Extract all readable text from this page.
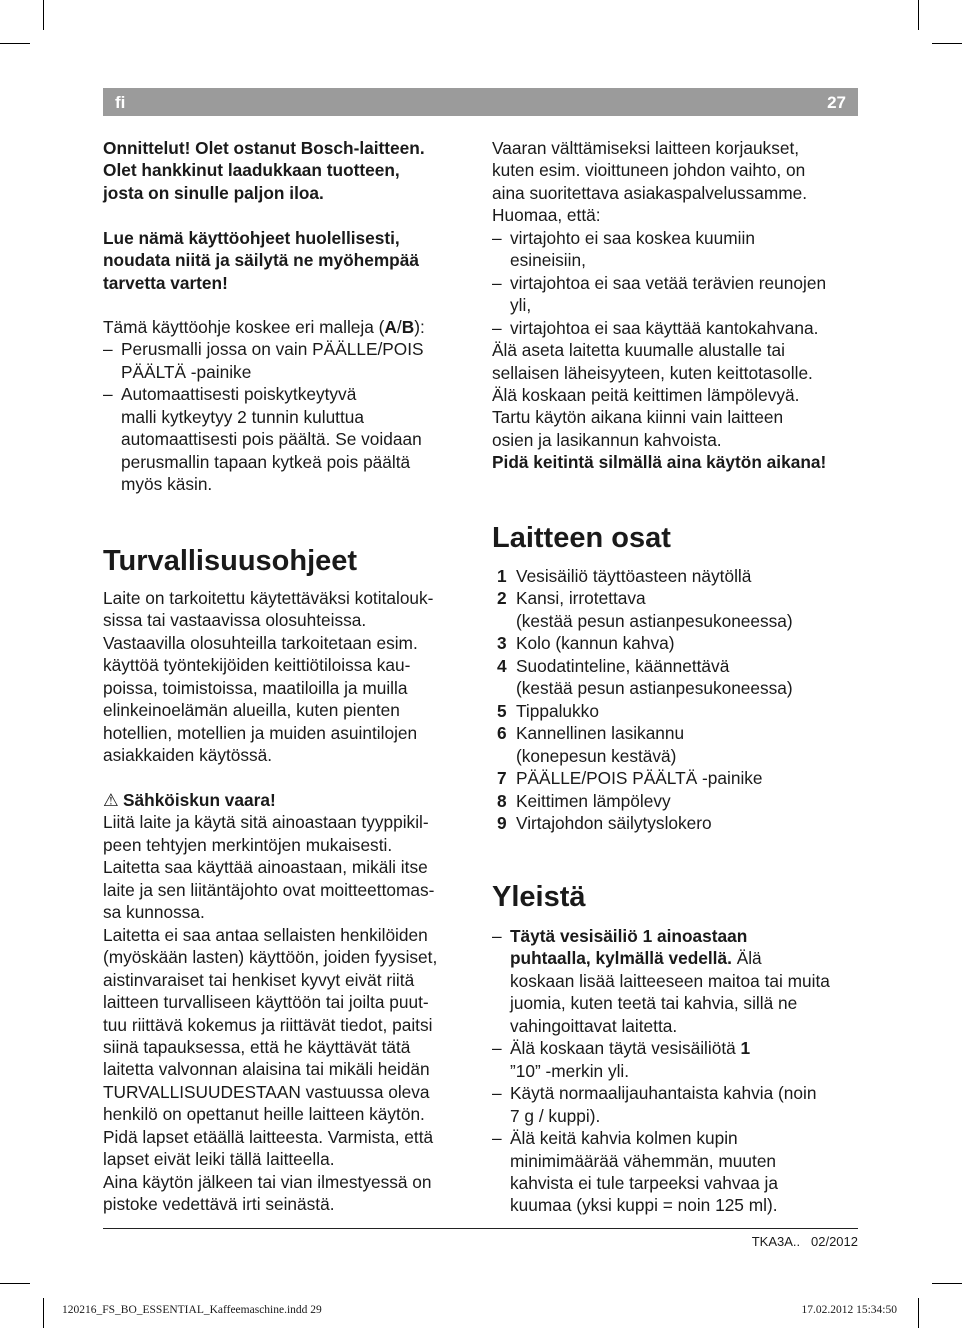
fi	27
Onnittelut! Olet ostanut Bosch-laitteen.
Olet hankkinut laadukkaan tuotteen,
josta on sinulle paljon iloa.
Lue nämä käyttöohjeet huolellisesti,
noudata niitä ja säilytä ne myöhempää
tarvetta varten!
Tämä käyttöohje koskee eri malleja (A/B):
– Perusmalli jossa on vain PÄÄLLE/POIS
PÄÄLTÄ -painike
– Automaattisesti poiskytkeytyvä
malli kytkeytyy 2 tunnin kuluttua
automaattisesti pois päältä. Se voidaan
perusmallin tapaan kytkeä pois päältä
myös käsin.
Turvallisuusohjeet
Laite on tarkoitettu käytettäväksi kotitalouk-
sissa tai vastaavissa olosuhteissa.
Vastaavilla olosuhteilla tarkoitetaan esim.
käyttöä työntekijöiden keittiötiloissa kau-
poissa, toimistoissa, maatiloilla ja muilla
elinkeinoelämän alueilla, kuten pienten
hotellien, motellien ja muiden asuintilojen
asiakkaiden käytössä.
⚠ Sähköiskun vaara!
Liitä laite ja käytä sitä ainoastaan tyyppikil-
peen tehtyjen merkintöjen mukaisesti.
Laitetta saa käyttää ainoastaan, mikäli itse
laite ja sen liitäntäjohto ovat moitteettomas-
sa kunnossa.
Laitetta ei saa antaa sellaisten henkilöiden
(myöskään lasten) käyttöön, joiden fyysiset,
aistinvaraiset tai henkiset kyvyt eivät riitä
laitteen turvalliseen käyttöön tai joilta puut-
tuu riittävä kokemus ja riittävät tiedot, paitsi
siinä tapauksessa, että he käyttävät tätä
laitetta valvonnan alaisina tai mikäli heidän
TURVALLISUUDESTAAN vastuussa oleva
henkilö on opettanut heille laitteen käytön.
Pidä lapset etäällä laitteesta. Varmista, että
lapset eivät leiki tällä laitteella.
Aina käytön jälkeen tai vian ilmestyessä on
pistoke vedettävä irti seinästä.
Vaaran välttämiseksi laitteen korjaukset,
kuten esim. vioittuneen johdon vaihto, on
aina suoritettava asiakaspalvelussamme.
Huomaa, että:
– virtajohto ei saa koskea kuumiin
esineisiin,
– virtajohtoa ei saa vetää terävien reunojen
yli,
– virtajohtoa ei saa käyttää kantokahvana.
Älä aseta laitetta kuumalle alustalle tai
sellaisen läheisyyteen, kuten keittotasolle.
Älä koskaan peitä keittimen lämpölevyä.
Tartu käytön aikana kiinni vain laitteen
osien ja lasikannun kahvoista.
Pidä keitintä silmällä aina käytön aikana!
Laitteen osat
1 Vesisäiliö täyttöasteen näytöllä
2 Kansi, irrotettava
(kestää pesun astianpesukoneessa)
3 Kolo (kannun kahva)
4 Suodatinteline, käännettävä
(kestää pesun astianpesukoneessa)
5 Tippalukko
6 Kannellinen lasikannu
(konepesun kestävä)
7 PÄÄLLE/POIS PÄÄLTÄ -painike
8 Keittimen lämpölevy
9 Virtajohdon säilytyslokero
Yleistä
– Täytä vesisäiliö 1 ainoastaan
puhtaalla, kylmällä vedellä. Älä
koskaan lisää laitteeseen maitoa tai muita
juomia, kuten teetä tai kahvia, sillä ne
vahingoittavat laitetta.
– Älä koskaan täytä vesisäiliötä 1
”10” -merkin yli.
– Käytä normaalijauhantaista kahvia (noin
7 g / kuppi).
– Älä keitä kahvia kolmen kupin
minimimäärää vähemmän, muuten
kahvista ei tule tarpeeksi vahvaa ja
kuumaa (yksi kuppi = noin 125 ml).
TKA3A.. 02/2012
120216_FS_BO_ESSENTIAL_Kaffeemaschine.indd 29	17.02.2012 15:34:50
